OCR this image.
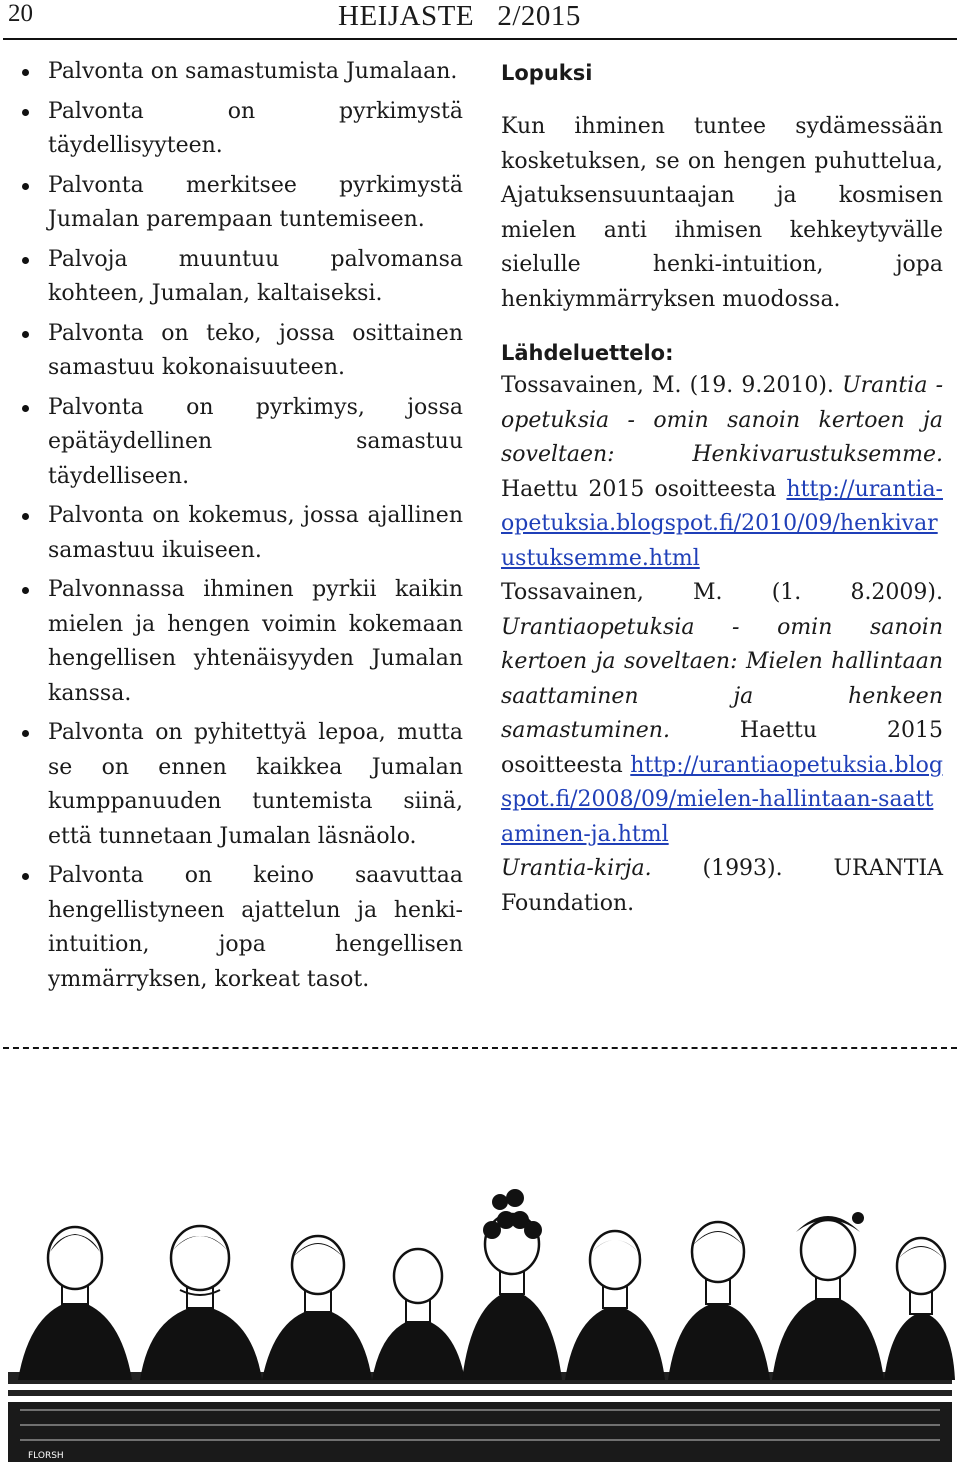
20	HEIJASTE   2/2015
Palvonta on samastumista Jumalaan.
Palvonta on pyrkimystä täydellisyyteen.
Palvonta merkitsee pyrkimystä Jumalan parempaan tuntemiseen.
Palvoja muuntuu palvomansa kohteen, Jumalan, kaltaiseksi.
Palvonta on teko, jossa osittainen samastuu kokonaisuuteen.
Palvonta on pyrkimys, jossa epätäydellinen samastuu täydelliseen.
Palvonta on kokemus, jossa ajallinen samastuu ikuiseen.
Palvonnassa ihminen pyrkii kaikin mielen ja hengen voimin kokemaan hengellisen yhtenäisyyden Jumalan kanssa.
Palvonta on pyhitettyä lepoa, mutta se on ennen kaikkea Jumalan kumppanuuden tuntemista siinä, että tunnetaan Jumalan läsnäolo.
Palvonta on keino saavuttaa hengellistyneen ajattelun ja henki-intuition, jopa hengellisen ymmärryksen, korkeat tasot.
Lopuksi

Kun ihminen tuntee sydämessään kosketuksen, se on hengen puhuttelua, Ajatuksensuuntaajan ja kosmisen mielen anti ihmisen kehkeytyvälle sielulle henki-intuition, jopa henkiymmärryksen muodossa.

Lähdeluettelo:

Tossavainen, M. (19. 9.2010). Urantia -opetuksia - omin sanoin kertoen ja soveltaen: Henkivarustuksemme. Haettu 2015 osoitteesta http://urantia-opetuksia.blogspot.fi/2010/09/henkivarustuksemme.html

Tossavainen, M. (1. 8.2009). Urantiaopetuksia - omin sanoin kertoen ja soveltaen: Mielen hallintaan saattaminen ja henkeen samastuminen.	Haettu 2015 osoitteesta http://urantiaopetuksia.blogspot.fi/2008/09/mielen-hallintaan-saattaminen-ja.html

Urantia-kirja. (1993). URANTIA Foundation.

FLORSH
